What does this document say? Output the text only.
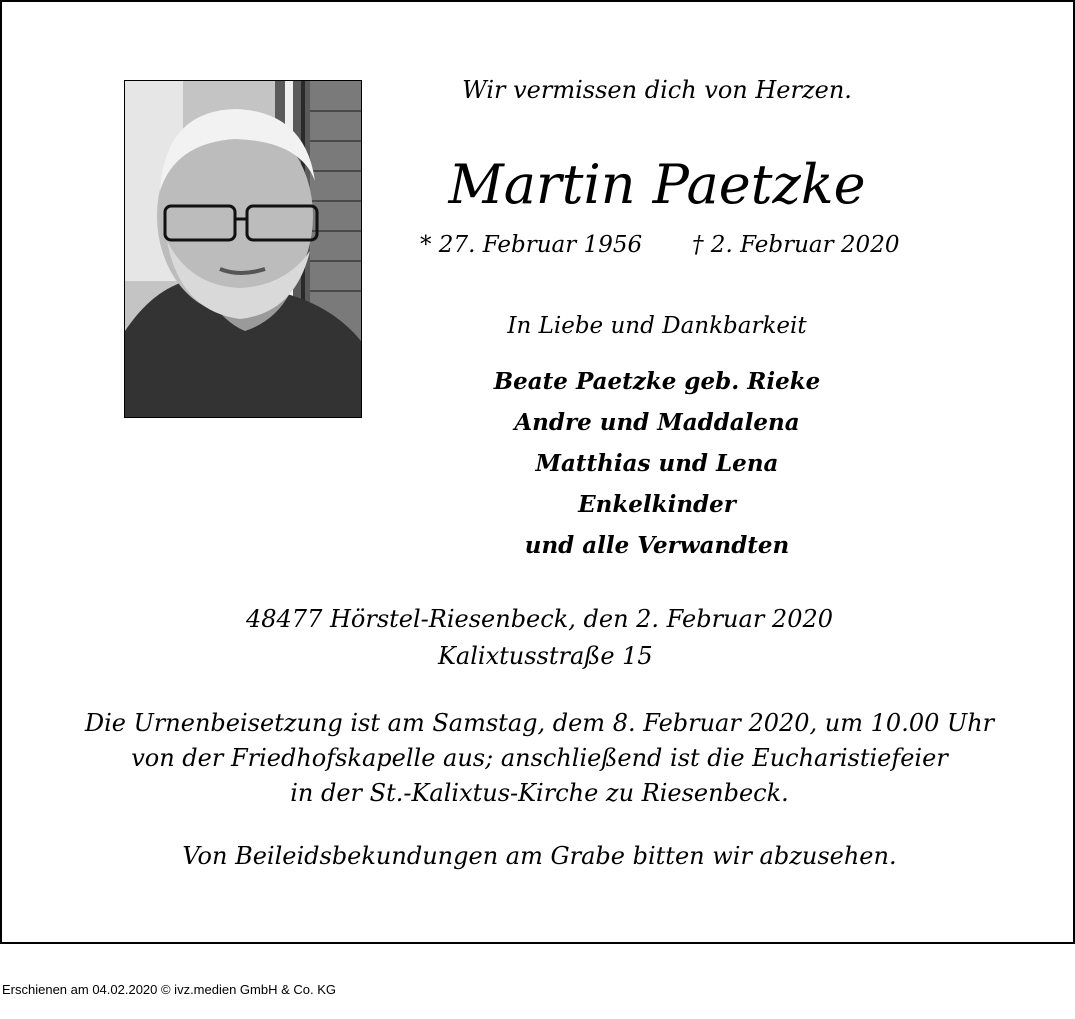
Wir vermissen dich von Herzen.
Martin Paetzke
* 27. Februar 1956 † 2. Februar 2020
In Liebe und Dankbarkeit
Beate Paetzke geb. Rieke
Andre und Maddalena
Matthias und Lena
Enkelkinder
und alle Verwandten
48477 Hörstel-Riesenbeck, den 2. Februar 2020
Kalixtusstraße 15
Die Urnenbeisetzung ist am Samstag, dem 8. Februar 2020, um 10.00 Uhr
von der Friedhofskapelle aus; anschließend ist die Eucharistiefeier
in der St.-Kalixtus-Kirche zu Riesenbeck.
Von Beileidsbekundungen am Grabe bitten wir abzusehen.
Erschienen am 04.02.2020 © ivz.medien GmbH & Co. KG
